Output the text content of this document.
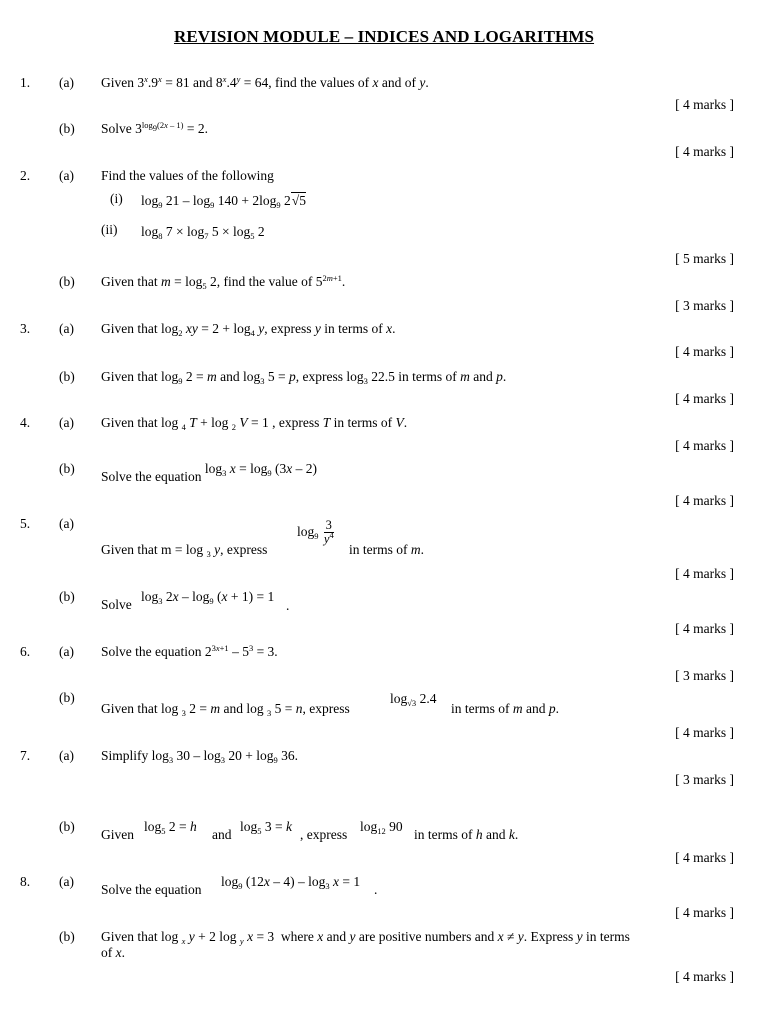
REVISION MODULE – INDICES AND LOGARITHMS
1. (a) Given $3^x.9^x = 81$ and $8^x.4^y = 64$, find the values of x and of y.
[ 4 marks ]
(b) Solve $3^{log_9(2x - 1)} = 2$.
[ 4 marks ]
2. (a) Find the values of the following
(i) $\log_9 21 - \log_9 140 + 2\log_9$ 2√5
(ii) $\log_8 7 \times \log_7 5 \times \log_5 2$
[ 5 marks ]
(b) Given that $m = \log_5 2$, find the value of $5^{2m+1}$.
[ 3 marks ]
3. (a) Given that $\log_2$ xy = $2 + \log_4 y$, express y in terms of x.
[ 4 marks ]
(b) Given that $\log_9 2 = m$ and $\log_3 5 = p$, express $\log_3 22.5$ in terms of m and p.
[ 4 marks ]
4. (a) Given that log $_4$ T + log $_2$ V = 1 , express T in terms of V.
[ 4 marks ]
(b)
Solve the equation $\log_3 x = \log_9 (3x - 2)$
[ 4 marks ]
5. (a)
$\log_9 \frac{3}{y^4}$
Given that m = log $_3$ y, express	in terms of m.
[ 4 marks ]
(b)
Solve
$\log_3 2x - \log_9 (x + 1) = 1$
.
[ 4 marks ]
6. (a) Solve the equation $2^{3x+1} - 5^3 = 3$.
[ 3 marks ]
(b)
Given that log $_3$ 2 = m and log $_3$ 5 = n, express
$\log_{√3} 2.4$
in terms of m and p.
[ 4 marks ]
7. (a) Simplify $\log_3 30 - \log_3 20 + \log_9 36$.
[ 3 marks ]
(b)
Given
$\log_5 2 = h$
and
$\log_5 3 = k$
, express
$\log_{12} 90$
in terms of h and k.
[ 4 marks ]
8. (a)
Solve the equation
$\log_9 (12x - 4) - \log_3 x = 1$
.
[ 4 marks ]
(b) Given that log $_x$ y + 2 log $_y$ x = 3  where x and y are positive numbers and x ≠ y. Express y in terms
of x.
[ 4 marks ]
